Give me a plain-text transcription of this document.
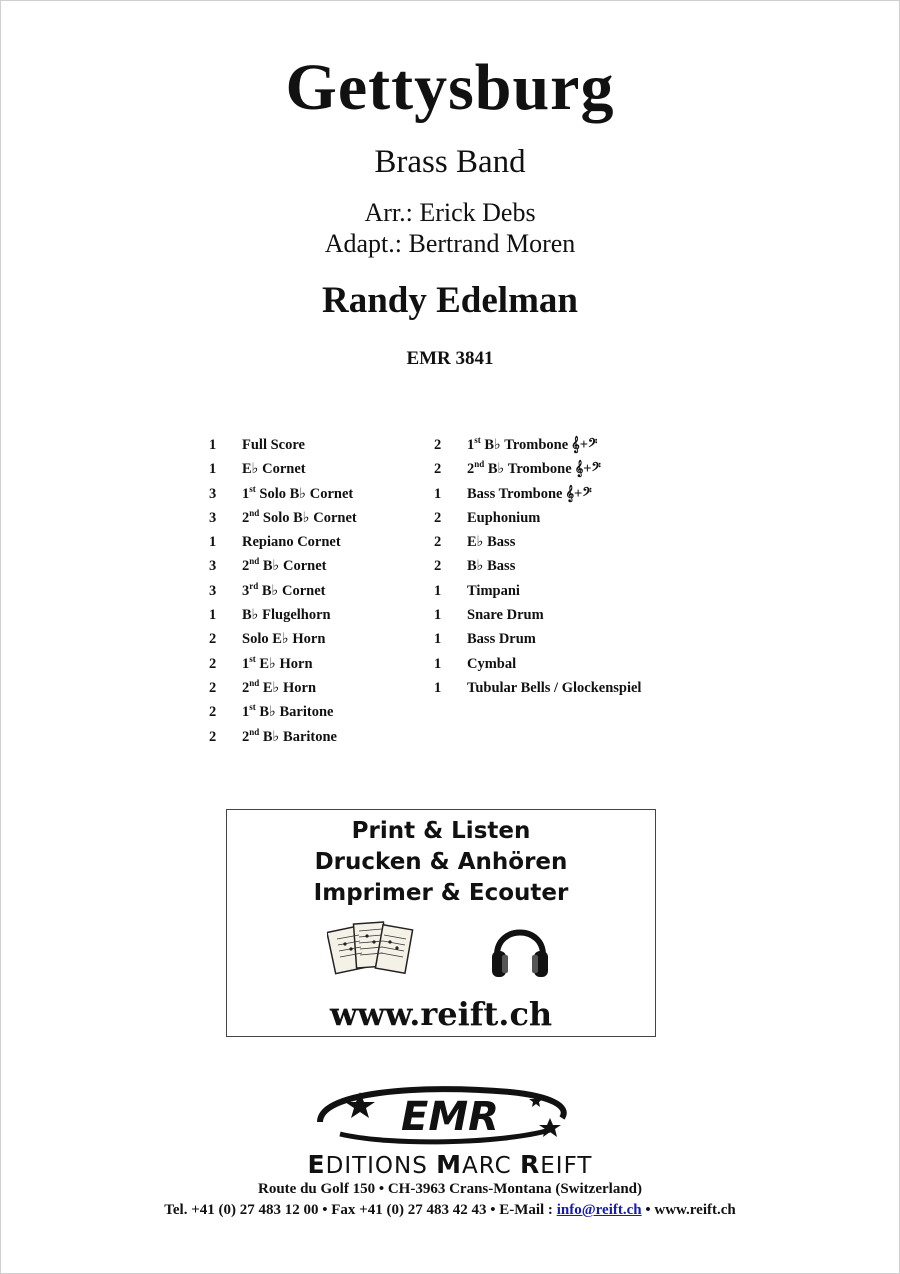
Gettysburg
Brass Band
Arr.: Erick Debs
Adapt.: Bertrand Moren
Randy Edelman
EMR 3841
1	Full Score
1	E♭ Cornet
3	1st Solo B♭ Cornet
3	2nd Solo B♭ Cornet
1	Repiano Cornet
3	2nd B♭ Cornet
3	3rd B♭ Cornet
1	B♭ Flugelhorn
2	Solo E♭ Horn
2	1st E♭ Horn
2	2nd E♭ Horn
2	1st B♭ Baritone
2	2nd B♭ Baritone
2	1st B♭ Trombone 𝄞+𝄢
2	2nd B♭ Trombone 𝄞+𝄢
1	Bass Trombone 𝄞+𝄢
2	Euphonium
2	E♭ Bass
2	B♭ Bass
1	Timpani
1	Snare Drum
1	Bass Drum
1	Cymbal
1	Tubular Bells / Glockenspiel
Print & Listen
Drucken & Anhören
Imprimer & Ecouter
www.reift.ch
EMR
EDITIONS MARC REIFT
Route du Golf 150 • CH-3963 Crans-Montana (Switzerland)
Tel. +41 (0) 27 483 12 00 • Fax +41 (0) 27 483 42 43 • E-Mail : info@reift.ch • www.reift.ch
